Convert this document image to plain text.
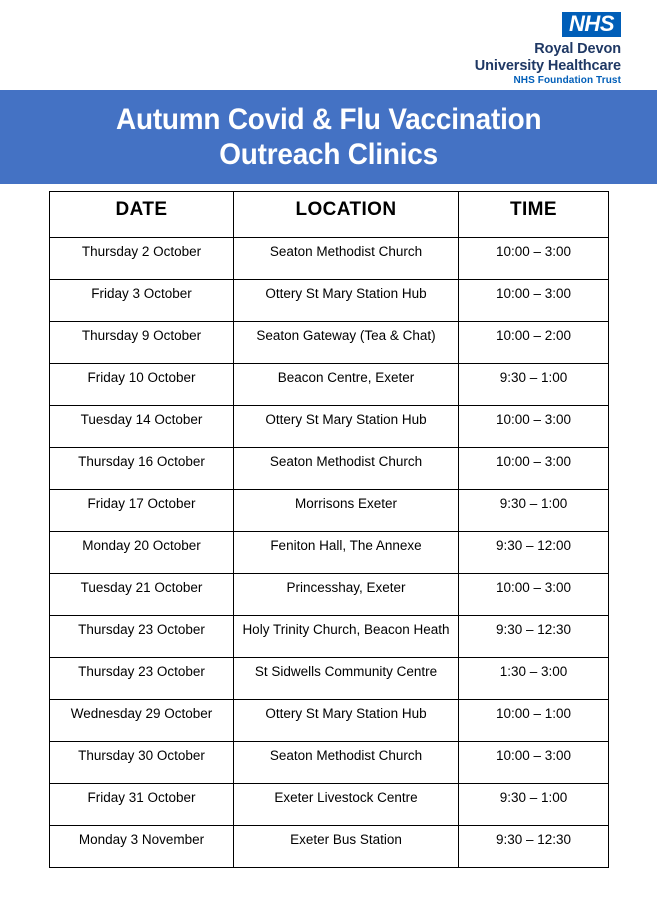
NHS
Royal Devon
University Healthcare
NHS Foundation Trust
Autumn Covid & Flu Vaccination
Outreach Clinics
DATE	LOCATION	TIME
Thursday 2 October	Seaton Methodist Church	10:00 – 3:00
Friday 3 October	Ottery St Mary Station Hub	10:00 – 3:00
Thursday 9 October	Seaton Gateway (Tea & Chat)	10:00 – 2:00
Friday 10 October	Beacon Centre, Exeter	9:30 – 1:00
Tuesday 14 October	Ottery St Mary Station Hub	10:00 – 3:00
Thursday 16 October	Seaton Methodist Church	10:00 – 3:00
Friday 17 October	Morrisons Exeter	9:30 – 1:00
Monday 20 October	Feniton Hall, The Annexe	9:30 – 12:00
Tuesday 21 October	Princesshay, Exeter	10:00 – 3:00
Thursday 23 October	Holy Trinity Church, Beacon Heath	9:30 – 12:30
Thursday 23 October	St Sidwells Community Centre	1:30 – 3:00
Wednesday 29 October	Ottery St Mary Station Hub	10:00 – 1:00
Thursday 30 October	Seaton Methodist Church	10:00 – 3:00
Friday 31 October	Exeter Livestock Centre	9:30 – 1:00
Monday 3 November	Exeter Bus Station	9:30 – 12:30
